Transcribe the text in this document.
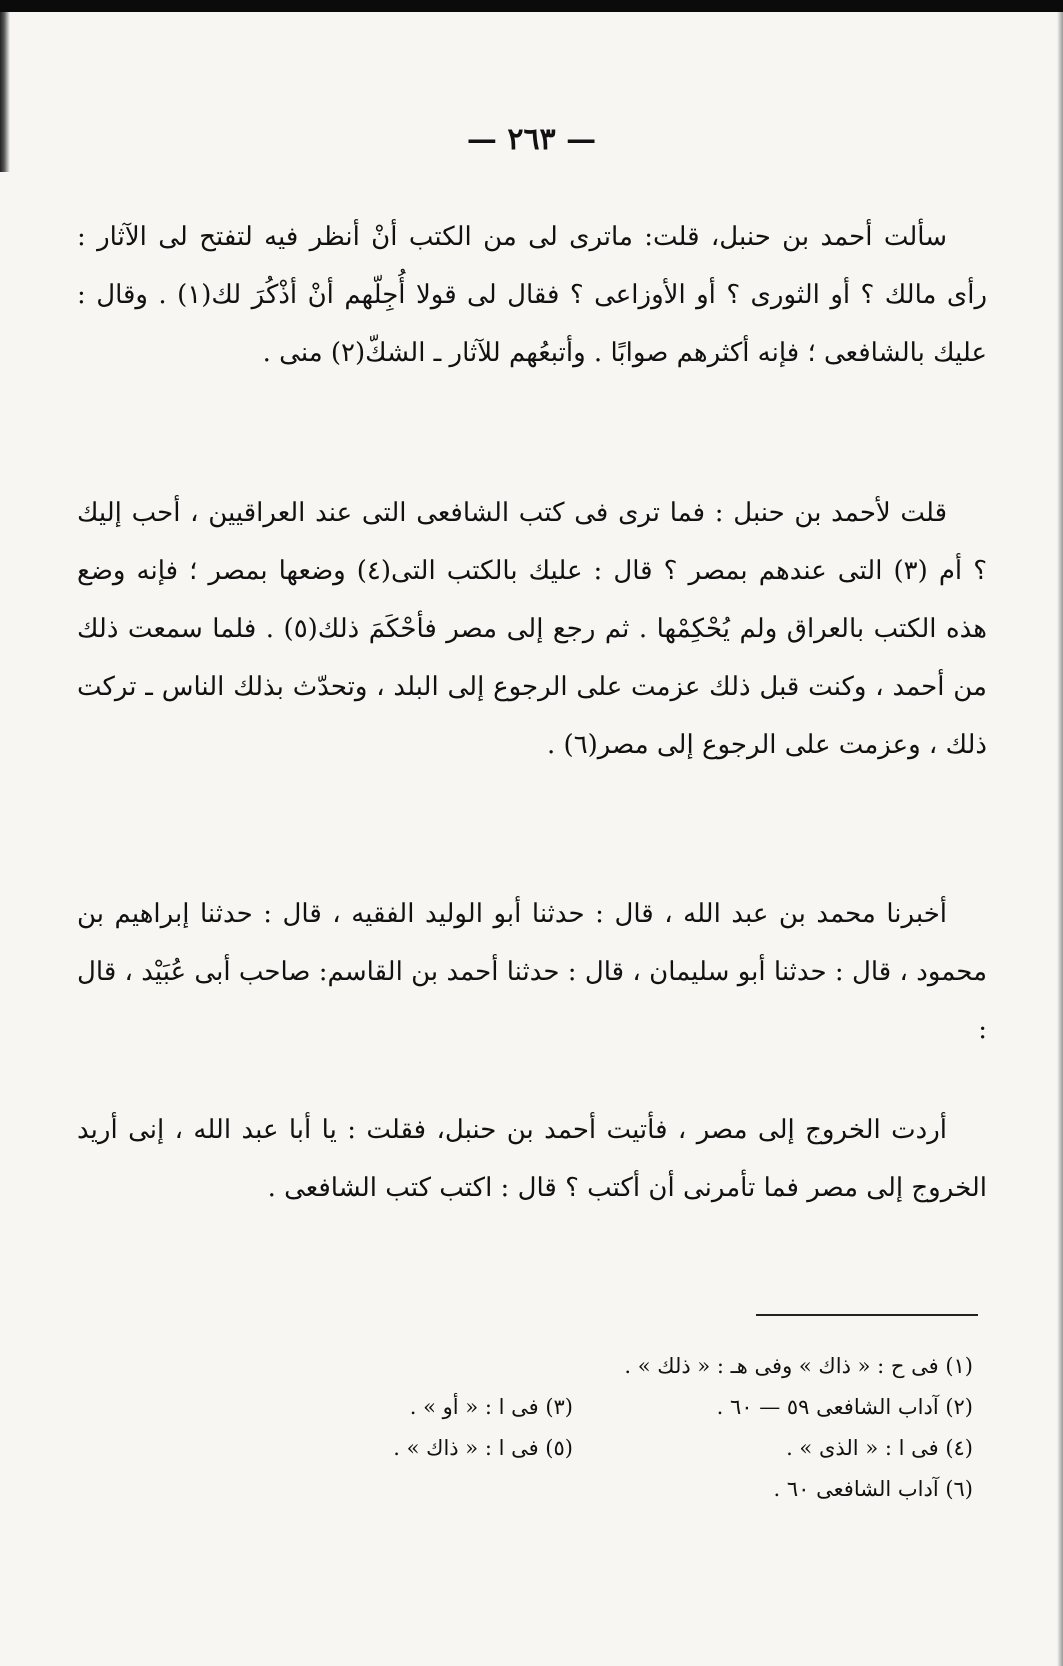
— ٢٦٣ —

سألت أحمد بن حنبل، قلت: ماترى لى من الكتب أنْ أنظر فيه لتفتح لى الآثار : رأى مالك ؟ أو الثورى ؟ أو الأوزاعى ؟ فقال لى قولا أُجِلّهم أنْ أذْكُرَ لك(١) . وقال : عليك بالشافعى ؛ فإنه أكثرهم صوابًا . وأتبعُهم للآثار ـ الشكّ(٢) منى .

قلت لأحمد بن حنبل : فما ترى فى كتب الشافعى التى عند العراقيين ، أحب إليك ؟ أم (٣) التى عندهم بمصر ؟ قال : عليك بالكتب التى(٤) وضعها بمصر ؛ فإنه وضع هذه الكتب بالعراق ولم يُحْكِمْها . ثم رجع إلى مصر فأحْكَمَ ذلك(٥) . فلما سمعت ذلك من أحمد ، وكنت قبل ذلك عزمت على الرجوع إلى البلد ، وتحدّث بذلك الناس ـ تركت ذلك ، وعزمت على الرجوع إلى مصر(٦) .

أخبرنا محمد بن عبد الله ، قال : حدثنا أبو الوليد الفقيه ، قال : حدثنا إبراهيم بن محمود ، قال : حدثنا أبو سليمان ، قال : حدثنا أحمد بن القاسم: صاحب أبى عُبَيْد ، قال :

أردت الخروج إلى مصر ، فأتيت أحمد بن حنبل، فقلت : يا أبا عبد الله ، إنى أريد الخروج إلى مصر فما تأمرنى أن أكتب ؟ قال : اكتب كتب الشافعى .

(١) فى ح : « ذاك » وفى هـ : « ذلك » .
(٢) آداب الشافعى ٥٩ — ٦٠ .
(٣) فى ا : « أو » .
(٤) فى ا : « الذى » .
(٥) فى ا : « ذاك » .
(٦) آداب الشافعى ٦٠ .
